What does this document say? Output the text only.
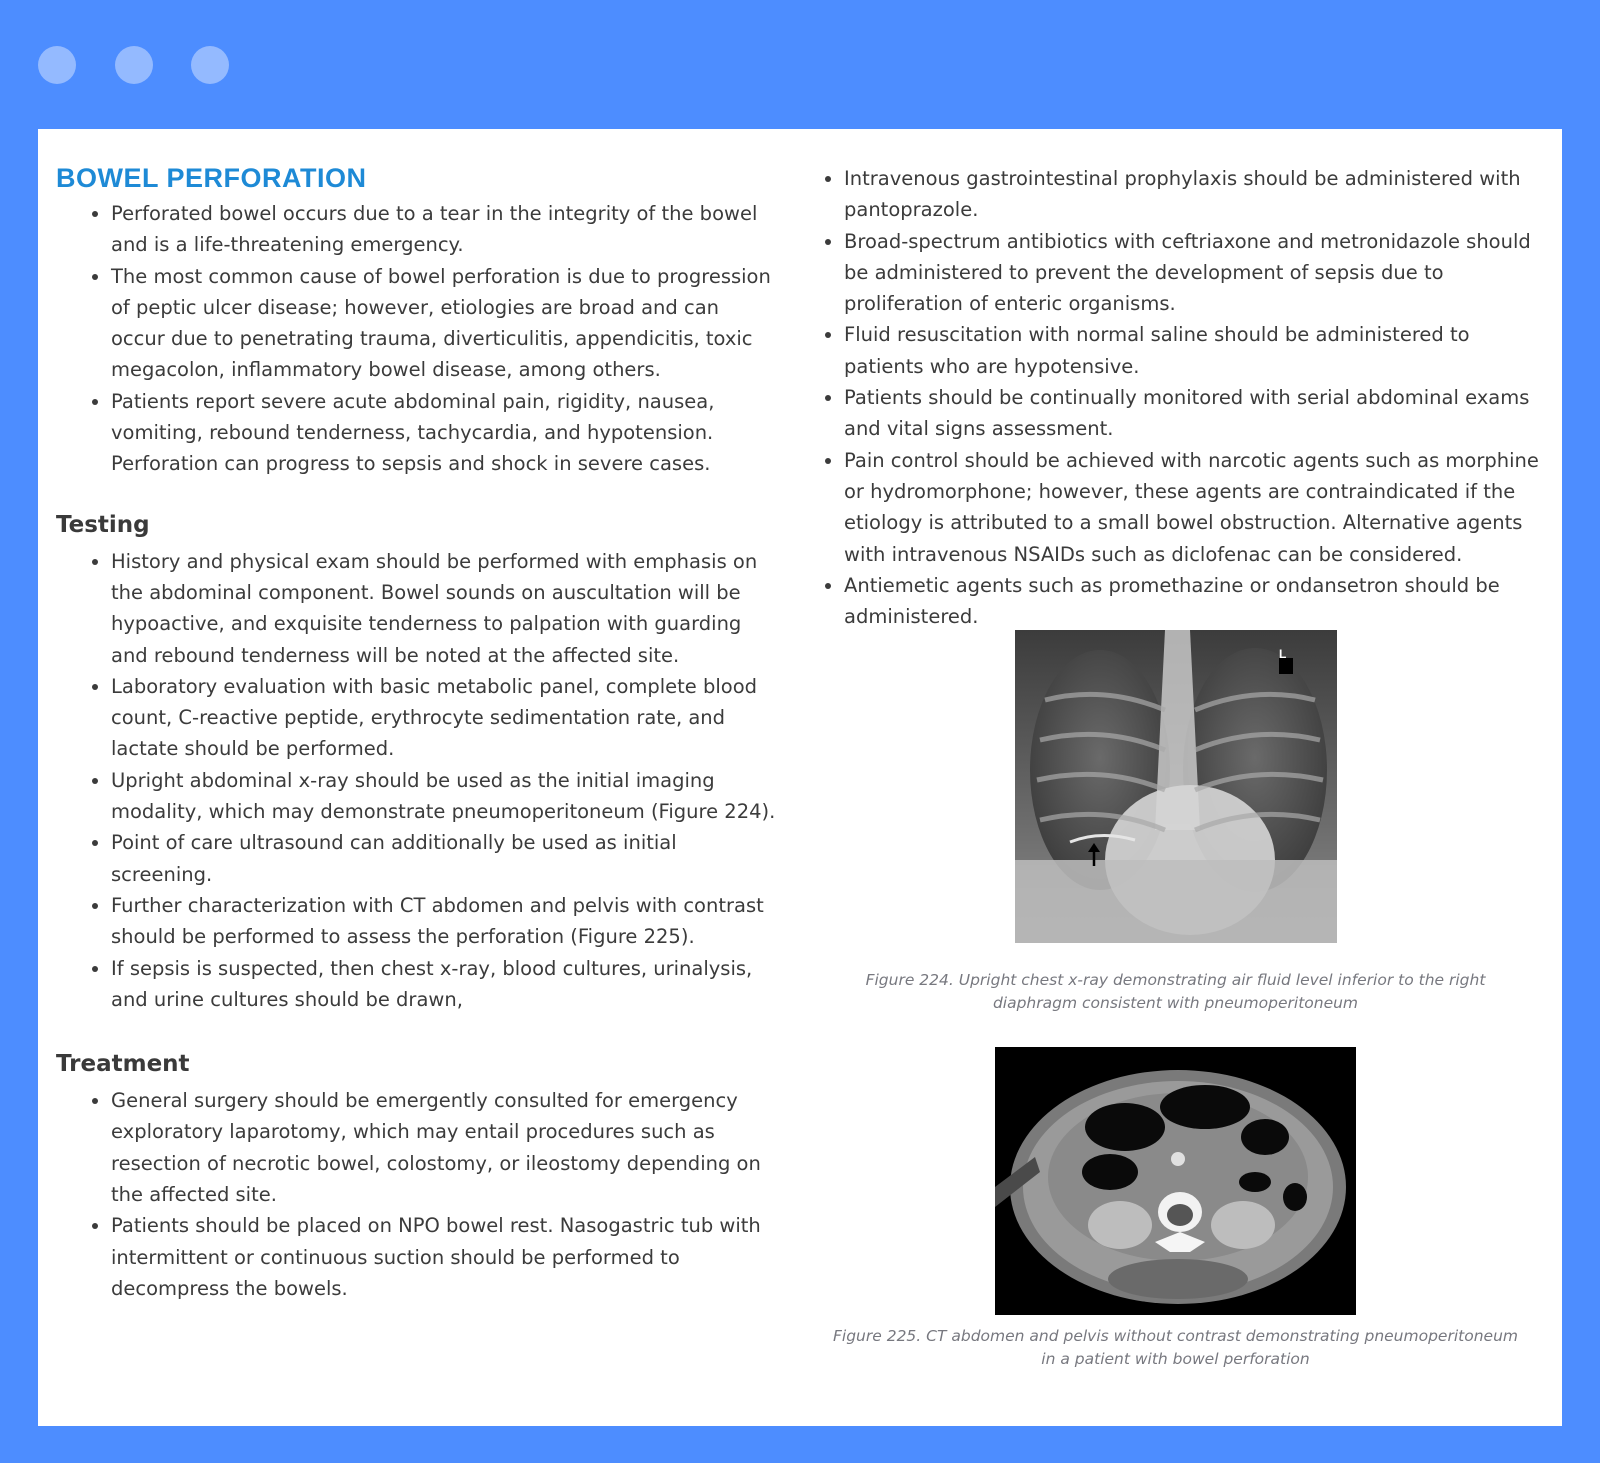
BOWEL PERFORATION
• Perforated bowel occurs due to a tear in the integrity of the bowel and is a life-threatening emergency.
• The most common cause of bowel perforation is due to progression of peptic ulcer disease; however, etiologies are broad and can occur due to penetrating trauma, diverticulitis, appendicitis, toxic megacolon, inflammatory bowel disease, among others.
• Patients report severe acute abdominal pain, rigidity, nausea, vomiting, rebound tenderness, tachycardia, and hypotension. Perforation can progress to sepsis and shock in severe cases.
Testing
• History and physical exam should be performed with emphasis on the abdominal component. Bowel sounds on auscultation will be hypoactive, and exquisite tenderness to palpation with guarding and rebound tenderness will be noted at the affected site.
• Laboratory evaluation with basic metabolic panel, complete blood count, C-reactive peptide, erythrocyte sedimentation rate, and lactate should be performed.
• Upright abdominal x-ray should be used as the initial imaging modality, which may demonstrate pneumoperitoneum (Figure 224).
• Point of care ultrasound can additionally be used as initial screening.
• Further characterization with CT abdomen and pelvis with contrast should be performed to assess the perforation (Figure 225).
• If sepsis is suspected, then chest x-ray, blood cultures, urinalysis, and urine cultures should be drawn,
Treatment
• General surgery should be emergently consulted for emergency exploratory laparotomy, which may entail procedures such as resection of necrotic bowel, colostomy, or ileostomy depending on the affected site.
• Patients should be placed on NPO bowel rest. Nasogastric tub with intermittent or continuous suction should be performed to decompress the bowels.
• Intravenous gastrointestinal prophylaxis should be administered with pantoprazole.
• Broad-spectrum antibiotics with ceftriaxone and metronidazole should be administered to prevent the development of sepsis due to proliferation of enteric organisms.
• Fluid resuscitation with normal saline should be administered to patients who are hypotensive.
• Patients should be continually monitored with serial abdominal exams and vital signs assessment.
• Pain control should be achieved with narcotic agents such as morphine or hydromorphone; however, these agents are contraindicated if the etiology is attributed to a small bowel obstruction. Alternative agents with intravenous NSAIDs such as diclofenac can be considered.
• Antiemetic agents such as promethazine or ondansetron should be administered.
L

Figure 224. Upright chest x-ray demonstrating air fluid level inferior to the right diaphragm consistent with pneumoperitoneum

Figure 225. CT abdomen and pelvis without contrast demonstrating pneumoperitoneum in a patient with bowel perforation
